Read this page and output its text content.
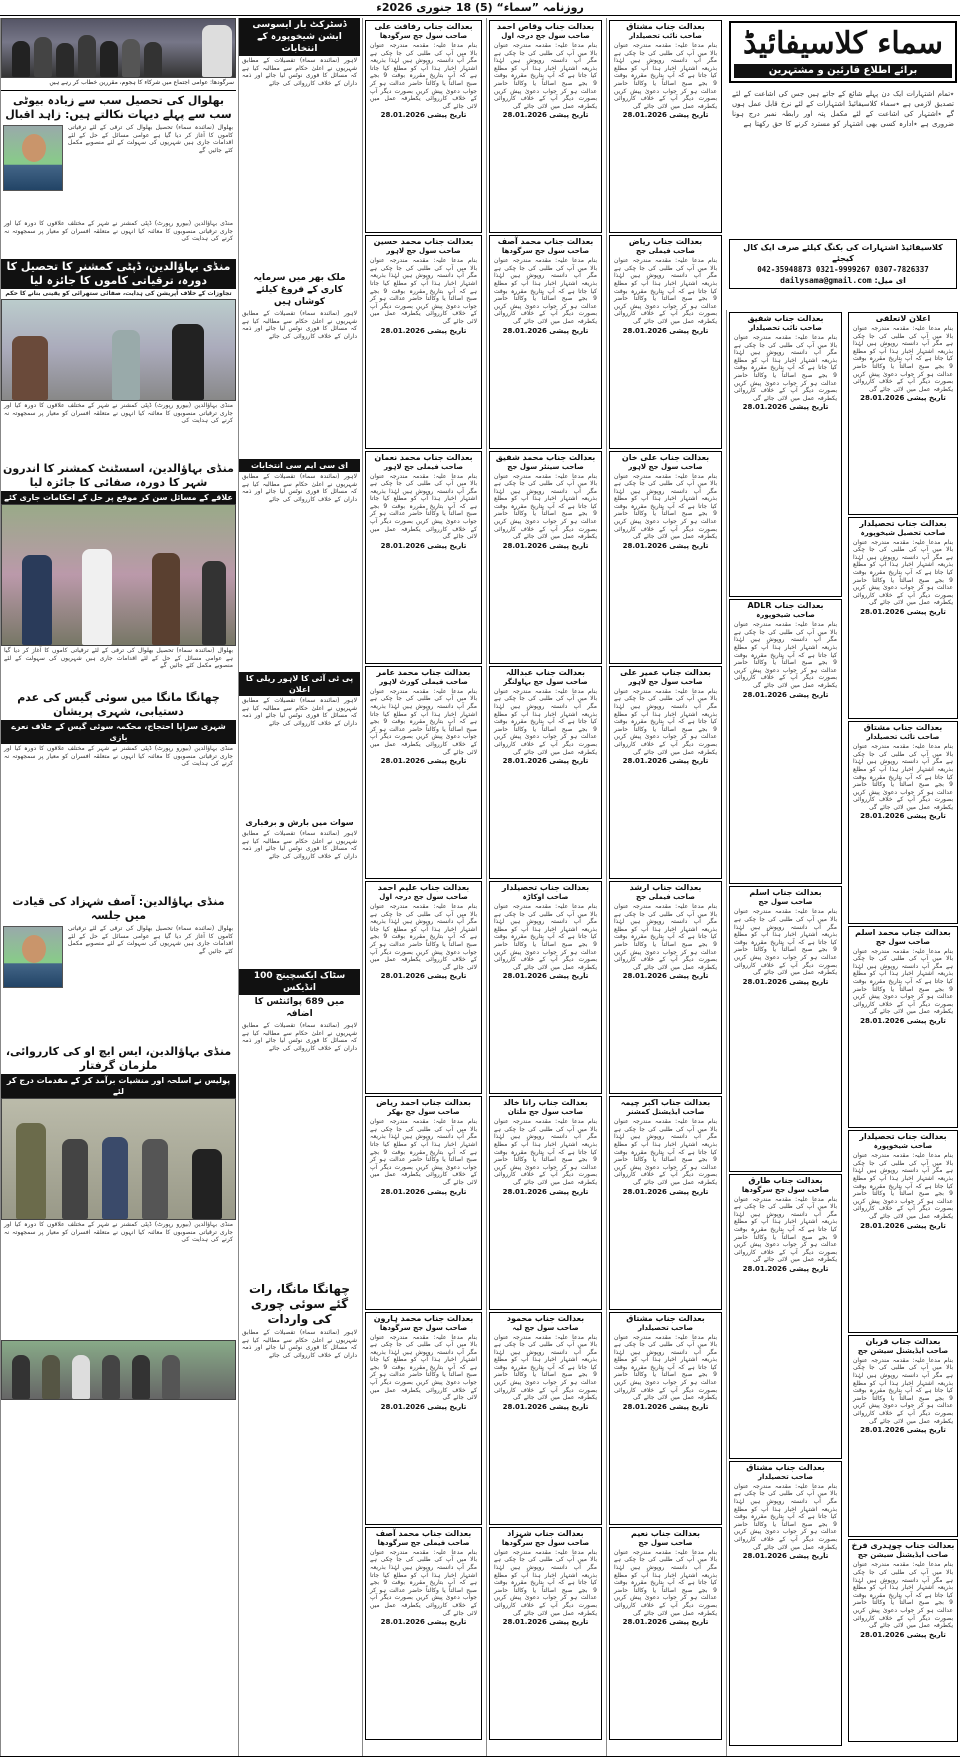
روزنامہ ”سماء“ (5) 18 جنوری 2026ء
سرگودھا: عوامی اجتماع میں شرکاء کا ہجوم، مقررین خطاب کر رہے ہیں
بھلوال کی تحصیل سب سے زیادہ بیوٹی سب سے پہلے دیہات نکالتے ہیں: زاہد اقبال
بھلوال (نمائندہ سماء) تحصیل بھلوال کی ترقی کے لئے ترقیاتی کاموں کا آغاز کر دیا گیا ہے عوامی مسائل کے حل کے لئے اقدامات جاری ہیں شہریوں کی سہولت کے لئے منصوبے مکمل کئے جائیں گے
منڈی بہاؤالدین (بیورو رپورٹ) ڈپٹی کمشنر نے شہر کے مختلف علاقوں کا دورہ کیا اور جاری ترقیاتی منصوبوں کا معائنہ کیا انہوں نے متعلقہ افسران کو معیار پر سمجھوتہ نہ کرنے کی ہدایت کی
منڈی بہاؤالدین، ڈپٹی کمشنر کا تحصیل کا دورہ، ترقیاتی کاموں کا جائزہ لیا
تجاوزات کے خلاف آپریشن کی ہدایت، صفائی ستھرائی کو یقینی بنانے کا حکم
منڈی بہاؤالدین (بیورو رپورٹ) ڈپٹی کمشنر نے شہر کے مختلف علاقوں کا دورہ کیا اور جاری ترقیاتی منصوبوں کا معائنہ کیا انہوں نے متعلقہ افسران کو معیار پر سمجھوتہ نہ کرنے کی ہدایت کی
منڈی بہاؤالدین، اسسٹنٹ کمشنر کا اندرون شہر کا دورہ، صفائی کا جائزہ لیا
علاقے کے مسائل سن کر موقع پر حل کے احکامات جاری کئے
بھلوال (نمائندہ سماء) تحصیل بھلوال کی ترقی کے لئے ترقیاتی کاموں کا آغاز کر دیا گیا ہے عوامی مسائل کے حل کے لئے اقدامات جاری ہیں شہریوں کی سہولت کے لئے منصوبے مکمل کئے جائیں گے
چھانگا مانگا میں سوئی گیس کی عدم دستیابی، شہری پریشان
شہری سراپا احتجاج، محکمہ سوئی گیس کے خلاف نعرے بازی
منڈی بہاؤالدین (بیورو رپورٹ) ڈپٹی کمشنر نے شہر کے مختلف علاقوں کا دورہ کیا اور جاری ترقیاتی منصوبوں کا معائنہ کیا انہوں نے متعلقہ افسران کو معیار پر سمجھوتہ نہ کرنے کی ہدایت کی
منڈی بہاؤالدین: آصف شہزاد کی قیادت میں جلسہ
بھلوال (نمائندہ سماء) تحصیل بھلوال کی ترقی کے لئے ترقیاتی کاموں کا آغاز کر دیا گیا ہے عوامی مسائل کے حل کے لئے اقدامات جاری ہیں شہریوں کی سہولت کے لئے منصوبے مکمل کئے جائیں گے
منڈی بہاؤالدین، ایس ایچ او کی کارروائی، ملزمان گرفتار
پولیس نے اسلحہ اور منشیات برآمد کر کے مقدمات درج کر لئے
منڈی بہاؤالدین (بیورو رپورٹ) ڈپٹی کمشنر نے شہر کے مختلف علاقوں کا دورہ کیا اور جاری ترقیاتی منصوبوں کا معائنہ کیا انہوں نے متعلقہ افسران کو معیار پر سمجھوتہ نہ کرنے کی ہدایت کی
ڈسٹرکٹ بار ایسوسی ایشن شیخوپورہ کے انتخابات
لاہور (نمائندہ سماء) تفصیلات کے مطابق شہریوں نے اعلیٰ حکام سے مطالبہ کیا ہے کہ مسائل کا فوری نوٹس لیا جائے اور ذمہ داران کے خلاف کارروائی کی جائے
ملک بھر میں سرمایہ کاری کے فروغ کیلئے کوشاں ہیں
لاہور (نمائندہ سماء) تفصیلات کے مطابق شہریوں نے اعلیٰ حکام سے مطالبہ کیا ہے کہ مسائل کا فوری نوٹس لیا جائے اور ذمہ داران کے خلاف کارروائی کی جائے
ای سی ایم سی انتخابات
لاہور (نمائندہ سماء) تفصیلات کے مطابق شہریوں نے اعلیٰ حکام سے مطالبہ کیا ہے کہ مسائل کا فوری نوٹس لیا جائے اور ذمہ داران کے خلاف کارروائی کی جائے
پی ٹی آئی کا لاہور ریلی کا اعلان
لاہور (نمائندہ سماء) تفصیلات کے مطابق شہریوں نے اعلیٰ حکام سے مطالبہ کیا ہے کہ مسائل کا فوری نوٹس لیا جائے اور ذمہ داران کے خلاف کارروائی کی جائے
سوات میں بارش و برفباری
لاہور (نمائندہ سماء) تفصیلات کے مطابق شہریوں نے اعلیٰ حکام سے مطالبہ کیا ہے کہ مسائل کا فوری نوٹس لیا جائے اور ذمہ داران کے خلاف کارروائی کی جائے
سٹاک ایکسچینج 100 انڈیکس
میں 689 پوائنٹس کا اضافہ
لاہور (نمائندہ سماء) تفصیلات کے مطابق شہریوں نے اعلیٰ حکام سے مطالبہ کیا ہے کہ مسائل کا فوری نوٹس لیا جائے اور ذمہ داران کے خلاف کارروائی کی جائے
چھانگا مانگا، رات گئے سوئی چوری کی واردات
لاہور (نمائندہ سماء) تفصیلات کے مطابق شہریوں نے اعلیٰ حکام سے مطالبہ کیا ہے کہ مسائل کا فوری نوٹس لیا جائے اور ذمہ داران کے خلاف کارروائی کی جائے
بعدالت جناب رفاقت علی
صاحب سول جج سرگودھا
بنام مدعا علیہ: مقدمہ مندرجہ عنوان بالا میں آپ کی طلبی کی جا چکی ہے مگر آپ دانستہ روپوش ہیں لہٰذا بذریعہ اشتہار اخبار ہذا آپ کو مطلع کیا جاتا ہے کہ آپ بتاریخ مقررہ بوقت 9 بجے صبح اصالتاً یا وکالتاً حاضر عدالت ہو کر جواب دعویٰ پیش کریں بصورت دیگر آپ کے خلاف کارروائی یکطرفہ عمل میں لائی جائے گی
تاریخ پیشی 28.01.2026
بعدالت جناب محمد حسین
صاحب سول جج لاہور
بنام مدعا علیہ: مقدمہ مندرجہ عنوان بالا میں آپ کی طلبی کی جا چکی ہے مگر آپ دانستہ روپوش ہیں لہٰذا بذریعہ اشتہار اخبار ہذا آپ کو مطلع کیا جاتا ہے کہ آپ بتاریخ مقررہ بوقت 9 بجے صبح اصالتاً یا وکالتاً حاضر عدالت ہو کر جواب دعویٰ پیش کریں بصورت دیگر آپ کے خلاف کارروائی یکطرفہ عمل میں لائی جائے گی
تاریخ پیشی 28.01.2026
بعدالت جناب محمد نعمان
صاحب فیملی جج لاہور
بنام مدعا علیہ: مقدمہ مندرجہ عنوان بالا میں آپ کی طلبی کی جا چکی ہے مگر آپ دانستہ روپوش ہیں لہٰذا بذریعہ اشتہار اخبار ہذا آپ کو مطلع کیا جاتا ہے کہ آپ بتاریخ مقررہ بوقت 9 بجے صبح اصالتاً یا وکالتاً حاضر عدالت ہو کر جواب دعویٰ پیش کریں بصورت دیگر آپ کے خلاف کارروائی یکطرفہ عمل میں لائی جائے گی
تاریخ پیشی 28.01.2026
بعدالت جناب محمد عامر
صاحب فیملی کورٹ لاہور
بنام مدعا علیہ: مقدمہ مندرجہ عنوان بالا میں آپ کی طلبی کی جا چکی ہے مگر آپ دانستہ روپوش ہیں لہٰذا بذریعہ اشتہار اخبار ہذا آپ کو مطلع کیا جاتا ہے کہ آپ بتاریخ مقررہ بوقت 9 بجے صبح اصالتاً یا وکالتاً حاضر عدالت ہو کر جواب دعویٰ پیش کریں بصورت دیگر آپ کے خلاف کارروائی یکطرفہ عمل میں لائی جائے گی
تاریخ پیشی 28.01.2026
بعدالت جناب علیم احمد
صاحب سول جج درجہ اول
بنام مدعا علیہ: مقدمہ مندرجہ عنوان بالا میں آپ کی طلبی کی جا چکی ہے مگر آپ دانستہ روپوش ہیں لہٰذا بذریعہ اشتہار اخبار ہذا آپ کو مطلع کیا جاتا ہے کہ آپ بتاریخ مقررہ بوقت 9 بجے صبح اصالتاً یا وکالتاً حاضر عدالت ہو کر جواب دعویٰ پیش کریں بصورت دیگر آپ کے خلاف کارروائی یکطرفہ عمل میں لائی جائے گی
تاریخ پیشی 28.01.2026
بعدالت جناب احمد ریاض
صاحب سول جج بھکر
بنام مدعا علیہ: مقدمہ مندرجہ عنوان بالا میں آپ کی طلبی کی جا چکی ہے مگر آپ دانستہ روپوش ہیں لہٰذا بذریعہ اشتہار اخبار ہذا آپ کو مطلع کیا جاتا ہے کہ آپ بتاریخ مقررہ بوقت 9 بجے صبح اصالتاً یا وکالتاً حاضر عدالت ہو کر جواب دعویٰ پیش کریں بصورت دیگر آپ کے خلاف کارروائی یکطرفہ عمل میں لائی جائے گی
تاریخ پیشی 28.01.2026
بعدالت جناب محمد ہارون
صاحب سول جج سرگودھا
بنام مدعا علیہ: مقدمہ مندرجہ عنوان بالا میں آپ کی طلبی کی جا چکی ہے مگر آپ دانستہ روپوش ہیں لہٰذا بذریعہ اشتہار اخبار ہذا آپ کو مطلع کیا جاتا ہے کہ آپ بتاریخ مقررہ بوقت 9 بجے صبح اصالتاً یا وکالتاً حاضر عدالت ہو کر جواب دعویٰ پیش کریں بصورت دیگر آپ کے خلاف کارروائی یکطرفہ عمل میں لائی جائے گی
تاریخ پیشی 28.01.2026
بعدالت جناب محمد آصف
صاحب فیملی جج سرگودھا
بنام مدعا علیہ: مقدمہ مندرجہ عنوان بالا میں آپ کی طلبی کی جا چکی ہے مگر آپ دانستہ روپوش ہیں لہٰذا بذریعہ اشتہار اخبار ہذا آپ کو مطلع کیا جاتا ہے کہ آپ بتاریخ مقررہ بوقت 9 بجے صبح اصالتاً یا وکالتاً حاضر عدالت ہو کر جواب دعویٰ پیش کریں بصورت دیگر آپ کے خلاف کارروائی یکطرفہ عمل میں لائی جائے گی
تاریخ پیشی 28.01.2026
بعدالت جناب وقاص احمد
صاحب سول جج درجہ اول
بنام مدعا علیہ: مقدمہ مندرجہ عنوان بالا میں آپ کی طلبی کی جا چکی ہے مگر آپ دانستہ روپوش ہیں لہٰذا بذریعہ اشتہار اخبار ہذا آپ کو مطلع کیا جاتا ہے کہ آپ بتاریخ مقررہ بوقت 9 بجے صبح اصالتاً یا وکالتاً حاضر عدالت ہو کر جواب دعویٰ پیش کریں بصورت دیگر آپ کے خلاف کارروائی یکطرفہ عمل میں لائی جائے گی
تاریخ پیشی 28.01.2026
بعدالت جناب محمد آصف
صاحب سول جج سرگودھا
بنام مدعا علیہ: مقدمہ مندرجہ عنوان بالا میں آپ کی طلبی کی جا چکی ہے مگر آپ دانستہ روپوش ہیں لہٰذا بذریعہ اشتہار اخبار ہذا آپ کو مطلع کیا جاتا ہے کہ آپ بتاریخ مقررہ بوقت 9 بجے صبح اصالتاً یا وکالتاً حاضر عدالت ہو کر جواب دعویٰ پیش کریں بصورت دیگر آپ کے خلاف کارروائی یکطرفہ عمل میں لائی جائے گی
تاریخ پیشی 28.01.2026
بعدالت جناب محمد شفیق
صاحب سینئر سول جج
بنام مدعا علیہ: مقدمہ مندرجہ عنوان بالا میں آپ کی طلبی کی جا چکی ہے مگر آپ دانستہ روپوش ہیں لہٰذا بذریعہ اشتہار اخبار ہذا آپ کو مطلع کیا جاتا ہے کہ آپ بتاریخ مقررہ بوقت 9 بجے صبح اصالتاً یا وکالتاً حاضر عدالت ہو کر جواب دعویٰ پیش کریں بصورت دیگر آپ کے خلاف کارروائی یکطرفہ عمل میں لائی جائے گی
تاریخ پیشی 28.01.2026
بعدالت جناب عبداللہ
صاحب سول جج بہاولنگر
بنام مدعا علیہ: مقدمہ مندرجہ عنوان بالا میں آپ کی طلبی کی جا چکی ہے مگر آپ دانستہ روپوش ہیں لہٰذا بذریعہ اشتہار اخبار ہذا آپ کو مطلع کیا جاتا ہے کہ آپ بتاریخ مقررہ بوقت 9 بجے صبح اصالتاً یا وکالتاً حاضر عدالت ہو کر جواب دعویٰ پیش کریں بصورت دیگر آپ کے خلاف کارروائی یکطرفہ عمل میں لائی جائے گی
تاریخ پیشی 28.01.2026
بعدالت جناب تحصیلدار
صاحب اوکاڑہ
بنام مدعا علیہ: مقدمہ مندرجہ عنوان بالا میں آپ کی طلبی کی جا چکی ہے مگر آپ دانستہ روپوش ہیں لہٰذا بذریعہ اشتہار اخبار ہذا آپ کو مطلع کیا جاتا ہے کہ آپ بتاریخ مقررہ بوقت 9 بجے صبح اصالتاً یا وکالتاً حاضر عدالت ہو کر جواب دعویٰ پیش کریں بصورت دیگر آپ کے خلاف کارروائی یکطرفہ عمل میں لائی جائے گی
تاریخ پیشی 28.01.2026
بعدالت جناب رانا خالد
صاحب سول جج ملتان
بنام مدعا علیہ: مقدمہ مندرجہ عنوان بالا میں آپ کی طلبی کی جا چکی ہے مگر آپ دانستہ روپوش ہیں لہٰذا بذریعہ اشتہار اخبار ہذا آپ کو مطلع کیا جاتا ہے کہ آپ بتاریخ مقررہ بوقت 9 بجے صبح اصالتاً یا وکالتاً حاضر عدالت ہو کر جواب دعویٰ پیش کریں بصورت دیگر آپ کے خلاف کارروائی یکطرفہ عمل میں لائی جائے گی
تاریخ پیشی 28.01.2026
بعدالت جناب محمود
صاحب سول جج لیہ
بنام مدعا علیہ: مقدمہ مندرجہ عنوان بالا میں آپ کی طلبی کی جا چکی ہے مگر آپ دانستہ روپوش ہیں لہٰذا بذریعہ اشتہار اخبار ہذا آپ کو مطلع کیا جاتا ہے کہ آپ بتاریخ مقررہ بوقت 9 بجے صبح اصالتاً یا وکالتاً حاضر عدالت ہو کر جواب دعویٰ پیش کریں بصورت دیگر آپ کے خلاف کارروائی یکطرفہ عمل میں لائی جائے گی
تاریخ پیشی 28.01.2026
بعدالت جناب شہزاد
صاحب سول جج سرگودھا
بنام مدعا علیہ: مقدمہ مندرجہ عنوان بالا میں آپ کی طلبی کی جا چکی ہے مگر آپ دانستہ روپوش ہیں لہٰذا بذریعہ اشتہار اخبار ہذا آپ کو مطلع کیا جاتا ہے کہ آپ بتاریخ مقررہ بوقت 9 بجے صبح اصالتاً یا وکالتاً حاضر عدالت ہو کر جواب دعویٰ پیش کریں بصورت دیگر آپ کے خلاف کارروائی یکطرفہ عمل میں لائی جائے گی
تاریخ پیشی 28.01.2026
بعدالت جناب مشتاق
صاحب نائب تحصیلدار
بنام مدعا علیہ: مقدمہ مندرجہ عنوان بالا میں آپ کی طلبی کی جا چکی ہے مگر آپ دانستہ روپوش ہیں لہٰذا بذریعہ اشتہار اخبار ہذا آپ کو مطلع کیا جاتا ہے کہ آپ بتاریخ مقررہ بوقت 9 بجے صبح اصالتاً یا وکالتاً حاضر عدالت ہو کر جواب دعویٰ پیش کریں بصورت دیگر آپ کے خلاف کارروائی یکطرفہ عمل میں لائی جائے گی
تاریخ پیشی 28.01.2026
بعدالت جناب ریاض
صاحب فیملی جج
بنام مدعا علیہ: مقدمہ مندرجہ عنوان بالا میں آپ کی طلبی کی جا چکی ہے مگر آپ دانستہ روپوش ہیں لہٰذا بذریعہ اشتہار اخبار ہذا آپ کو مطلع کیا جاتا ہے کہ آپ بتاریخ مقررہ بوقت 9 بجے صبح اصالتاً یا وکالتاً حاضر عدالت ہو کر جواب دعویٰ پیش کریں بصورت دیگر آپ کے خلاف کارروائی یکطرفہ عمل میں لائی جائے گی
تاریخ پیشی 28.01.2026
بعدالت جناب علی خان
صاحب سول جج لاہور
بنام مدعا علیہ: مقدمہ مندرجہ عنوان بالا میں آپ کی طلبی کی جا چکی ہے مگر آپ دانستہ روپوش ہیں لہٰذا بذریعہ اشتہار اخبار ہذا آپ کو مطلع کیا جاتا ہے کہ آپ بتاریخ مقررہ بوقت 9 بجے صبح اصالتاً یا وکالتاً حاضر عدالت ہو کر جواب دعویٰ پیش کریں بصورت دیگر آپ کے خلاف کارروائی یکطرفہ عمل میں لائی جائے گی
تاریخ پیشی 28.01.2026
بعدالت جناب عمیر علی
صاحب سول جج لاہور
بنام مدعا علیہ: مقدمہ مندرجہ عنوان بالا میں آپ کی طلبی کی جا چکی ہے مگر آپ دانستہ روپوش ہیں لہٰذا بذریعہ اشتہار اخبار ہذا آپ کو مطلع کیا جاتا ہے کہ آپ بتاریخ مقررہ بوقت 9 بجے صبح اصالتاً یا وکالتاً حاضر عدالت ہو کر جواب دعویٰ پیش کریں بصورت دیگر آپ کے خلاف کارروائی یکطرفہ عمل میں لائی جائے گی
تاریخ پیشی 28.01.2026
بعدالت جناب ارشد
صاحب فیملی جج
بنام مدعا علیہ: مقدمہ مندرجہ عنوان بالا میں آپ کی طلبی کی جا چکی ہے مگر آپ دانستہ روپوش ہیں لہٰذا بذریعہ اشتہار اخبار ہذا آپ کو مطلع کیا جاتا ہے کہ آپ بتاریخ مقررہ بوقت 9 بجے صبح اصالتاً یا وکالتاً حاضر عدالت ہو کر جواب دعویٰ پیش کریں بصورت دیگر آپ کے خلاف کارروائی یکطرفہ عمل میں لائی جائے گی
تاریخ پیشی 28.01.2026
بعدالت جناب اکبر چیمہ
صاحب ایڈیشنل کمشنر
بنام مدعا علیہ: مقدمہ مندرجہ عنوان بالا میں آپ کی طلبی کی جا چکی ہے مگر آپ دانستہ روپوش ہیں لہٰذا بذریعہ اشتہار اخبار ہذا آپ کو مطلع کیا جاتا ہے کہ آپ بتاریخ مقررہ بوقت 9 بجے صبح اصالتاً یا وکالتاً حاضر عدالت ہو کر جواب دعویٰ پیش کریں بصورت دیگر آپ کے خلاف کارروائی یکطرفہ عمل میں لائی جائے گی
تاریخ پیشی 28.01.2026
بعدالت جناب مشتاق
صاحب تحصیلدار
بنام مدعا علیہ: مقدمہ مندرجہ عنوان بالا میں آپ کی طلبی کی جا چکی ہے مگر آپ دانستہ روپوش ہیں لہٰذا بذریعہ اشتہار اخبار ہذا آپ کو مطلع کیا جاتا ہے کہ آپ بتاریخ مقررہ بوقت 9 بجے صبح اصالتاً یا وکالتاً حاضر عدالت ہو کر جواب دعویٰ پیش کریں بصورت دیگر آپ کے خلاف کارروائی یکطرفہ عمل میں لائی جائے گی
تاریخ پیشی 28.01.2026
بعدالت جناب نعیم
صاحب سول جج
بنام مدعا علیہ: مقدمہ مندرجہ عنوان بالا میں آپ کی طلبی کی جا چکی ہے مگر آپ دانستہ روپوش ہیں لہٰذا بذریعہ اشتہار اخبار ہذا آپ کو مطلع کیا جاتا ہے کہ آپ بتاریخ مقررہ بوقت 9 بجے صبح اصالتاً یا وکالتاً حاضر عدالت ہو کر جواب دعویٰ پیش کریں بصورت دیگر آپ کے خلاف کارروائی یکطرفہ عمل میں لائی جائے گی
تاریخ پیشی 28.01.2026
سماء کلاسیفائیڈ
برائے اطلاع قارئین و مشتہرین
٭تمام اشتہارات ایک دن پہلے شائع کے جاتے ہیں جس کی اشاعت کے لئے تصدیق لازمی ہے ٭سماء کلاسیفائیڈ اشتہارات کے لئے نرخ قابل عمل ہوں گے ٭اشتہار کی اشاعت کے لئے مکمل پتہ اور رابطہ نمبر درج ہونا ضروری ہے ٭ادارہ کسی بھی اشتہار کو مسترد کرنے کا حق رکھتا ہے
کلاسیفائیڈ اشتہارات کی بکنگ کیلئے صرف ایک کال کیجئے
042-35948873 0321-9999267 0307-7826337
ای میل: dailysama@gmail.com
بعدالت جناب شفیق
صاحب نائب تحصیلدار
بنام مدعا علیہ: مقدمہ مندرجہ عنوان بالا میں آپ کی طلبی کی جا چکی ہے مگر آپ دانستہ روپوش ہیں لہٰذا بذریعہ اشتہار اخبار ہذا آپ کو مطلع کیا جاتا ہے کہ آپ بتاریخ مقررہ بوقت 9 بجے صبح اصالتاً یا وکالتاً حاضر عدالت ہو کر جواب دعویٰ پیش کریں بصورت دیگر آپ کے خلاف کارروائی یکطرفہ عمل میں لائی جائے گی
تاریخ پیشی 28.01.2026
بعدالت جناب ADLR
صاحب شیخوپورہ
بنام مدعا علیہ: مقدمہ مندرجہ عنوان بالا میں آپ کی طلبی کی جا چکی ہے مگر آپ دانستہ روپوش ہیں لہٰذا بذریعہ اشتہار اخبار ہذا آپ کو مطلع کیا جاتا ہے کہ آپ بتاریخ مقررہ بوقت 9 بجے صبح اصالتاً یا وکالتاً حاضر عدالت ہو کر جواب دعویٰ پیش کریں بصورت دیگر آپ کے خلاف کارروائی یکطرفہ عمل میں لائی جائے گی
تاریخ پیشی 28.01.2026
بعدالت جناب اسلم
صاحب سول جج
بنام مدعا علیہ: مقدمہ مندرجہ عنوان بالا میں آپ کی طلبی کی جا چکی ہے مگر آپ دانستہ روپوش ہیں لہٰذا بذریعہ اشتہار اخبار ہذا آپ کو مطلع کیا جاتا ہے کہ آپ بتاریخ مقررہ بوقت 9 بجے صبح اصالتاً یا وکالتاً حاضر عدالت ہو کر جواب دعویٰ پیش کریں بصورت دیگر آپ کے خلاف کارروائی یکطرفہ عمل میں لائی جائے گی
تاریخ پیشی 28.01.2026
بعدالت جناب طارق
صاحب سول جج سرگودھا
بنام مدعا علیہ: مقدمہ مندرجہ عنوان بالا میں آپ کی طلبی کی جا چکی ہے مگر آپ دانستہ روپوش ہیں لہٰذا بذریعہ اشتہار اخبار ہذا آپ کو مطلع کیا جاتا ہے کہ آپ بتاریخ مقررہ بوقت 9 بجے صبح اصالتاً یا وکالتاً حاضر عدالت ہو کر جواب دعویٰ پیش کریں بصورت دیگر آپ کے خلاف کارروائی یکطرفہ عمل میں لائی جائے گی
تاریخ پیشی 28.01.2026
بعدالت جناب مشتاق
صاحب تحصیلدار
بنام مدعا علیہ: مقدمہ مندرجہ عنوان بالا میں آپ کی طلبی کی جا چکی ہے مگر آپ دانستہ روپوش ہیں لہٰذا بذریعہ اشتہار اخبار ہذا آپ کو مطلع کیا جاتا ہے کہ آپ بتاریخ مقررہ بوقت 9 بجے صبح اصالتاً یا وکالتاً حاضر عدالت ہو کر جواب دعویٰ پیش کریں بصورت دیگر آپ کے خلاف کارروائی یکطرفہ عمل میں لائی جائے گی
تاریخ پیشی 28.01.2026
اعلان لاتعلقی
بنام مدعا علیہ: مقدمہ مندرجہ عنوان بالا میں آپ کی طلبی کی جا چکی ہے مگر آپ دانستہ روپوش ہیں لہٰذا بذریعہ اشتہار اخبار ہذا آپ کو مطلع کیا جاتا ہے کہ آپ بتاریخ مقررہ بوقت 9 بجے صبح اصالتاً یا وکالتاً حاضر عدالت ہو کر جواب دعویٰ پیش کریں بصورت دیگر آپ کے خلاف کارروائی یکطرفہ عمل میں لائی جائے گی
تاریخ پیشی 28.01.2026
بعدالت جناب تحصیلدار
صاحب تحصیل شیخوپورہ
بنام مدعا علیہ: مقدمہ مندرجہ عنوان بالا میں آپ کی طلبی کی جا چکی ہے مگر آپ دانستہ روپوش ہیں لہٰذا بذریعہ اشتہار اخبار ہذا آپ کو مطلع کیا جاتا ہے کہ آپ بتاریخ مقررہ بوقت 9 بجے صبح اصالتاً یا وکالتاً حاضر عدالت ہو کر جواب دعویٰ پیش کریں بصورت دیگر آپ کے خلاف کارروائی یکطرفہ عمل میں لائی جائے گی
تاریخ پیشی 28.01.2026
بعدالت جناب مشتاق
صاحب نائب تحصیلدار
بنام مدعا علیہ: مقدمہ مندرجہ عنوان بالا میں آپ کی طلبی کی جا چکی ہے مگر آپ دانستہ روپوش ہیں لہٰذا بذریعہ اشتہار اخبار ہذا آپ کو مطلع کیا جاتا ہے کہ آپ بتاریخ مقررہ بوقت 9 بجے صبح اصالتاً یا وکالتاً حاضر عدالت ہو کر جواب دعویٰ پیش کریں بصورت دیگر آپ کے خلاف کارروائی یکطرفہ عمل میں لائی جائے گی
تاریخ پیشی 28.01.2026
بعدالت جناب محمد اسلم
صاحب سول جج
بنام مدعا علیہ: مقدمہ مندرجہ عنوان بالا میں آپ کی طلبی کی جا چکی ہے مگر آپ دانستہ روپوش ہیں لہٰذا بذریعہ اشتہار اخبار ہذا آپ کو مطلع کیا جاتا ہے کہ آپ بتاریخ مقررہ بوقت 9 بجے صبح اصالتاً یا وکالتاً حاضر عدالت ہو کر جواب دعویٰ پیش کریں بصورت دیگر آپ کے خلاف کارروائی یکطرفہ عمل میں لائی جائے گی
تاریخ پیشی 28.01.2026
بعدالت جناب تحصیلدار
صاحب شیخوپورہ
بنام مدعا علیہ: مقدمہ مندرجہ عنوان بالا میں آپ کی طلبی کی جا چکی ہے مگر آپ دانستہ روپوش ہیں لہٰذا بذریعہ اشتہار اخبار ہذا آپ کو مطلع کیا جاتا ہے کہ آپ بتاریخ مقررہ بوقت 9 بجے صبح اصالتاً یا وکالتاً حاضر عدالت ہو کر جواب دعویٰ پیش کریں بصورت دیگر آپ کے خلاف کارروائی یکطرفہ عمل میں لائی جائے گی
تاریخ پیشی 28.01.2026
بعدالت جناب قربان
صاحب ایڈیشنل سیشن جج
بنام مدعا علیہ: مقدمہ مندرجہ عنوان بالا میں آپ کی طلبی کی جا چکی ہے مگر آپ دانستہ روپوش ہیں لہٰذا بذریعہ اشتہار اخبار ہذا آپ کو مطلع کیا جاتا ہے کہ آپ بتاریخ مقررہ بوقت 9 بجے صبح اصالتاً یا وکالتاً حاضر عدالت ہو کر جواب دعویٰ پیش کریں بصورت دیگر آپ کے خلاف کارروائی یکطرفہ عمل میں لائی جائے گی
تاریخ پیشی 28.01.2026
بعدالت جناب چوہدری فرخ
صاحب ایڈیشنل سیشن جج
بنام مدعا علیہ: مقدمہ مندرجہ عنوان بالا میں آپ کی طلبی کی جا چکی ہے مگر آپ دانستہ روپوش ہیں لہٰذا بذریعہ اشتہار اخبار ہذا آپ کو مطلع کیا جاتا ہے کہ آپ بتاریخ مقررہ بوقت 9 بجے صبح اصالتاً یا وکالتاً حاضر عدالت ہو کر جواب دعویٰ پیش کریں بصورت دیگر آپ کے خلاف کارروائی یکطرفہ عمل میں لائی جائے گی
تاریخ پیشی 28.01.2026
